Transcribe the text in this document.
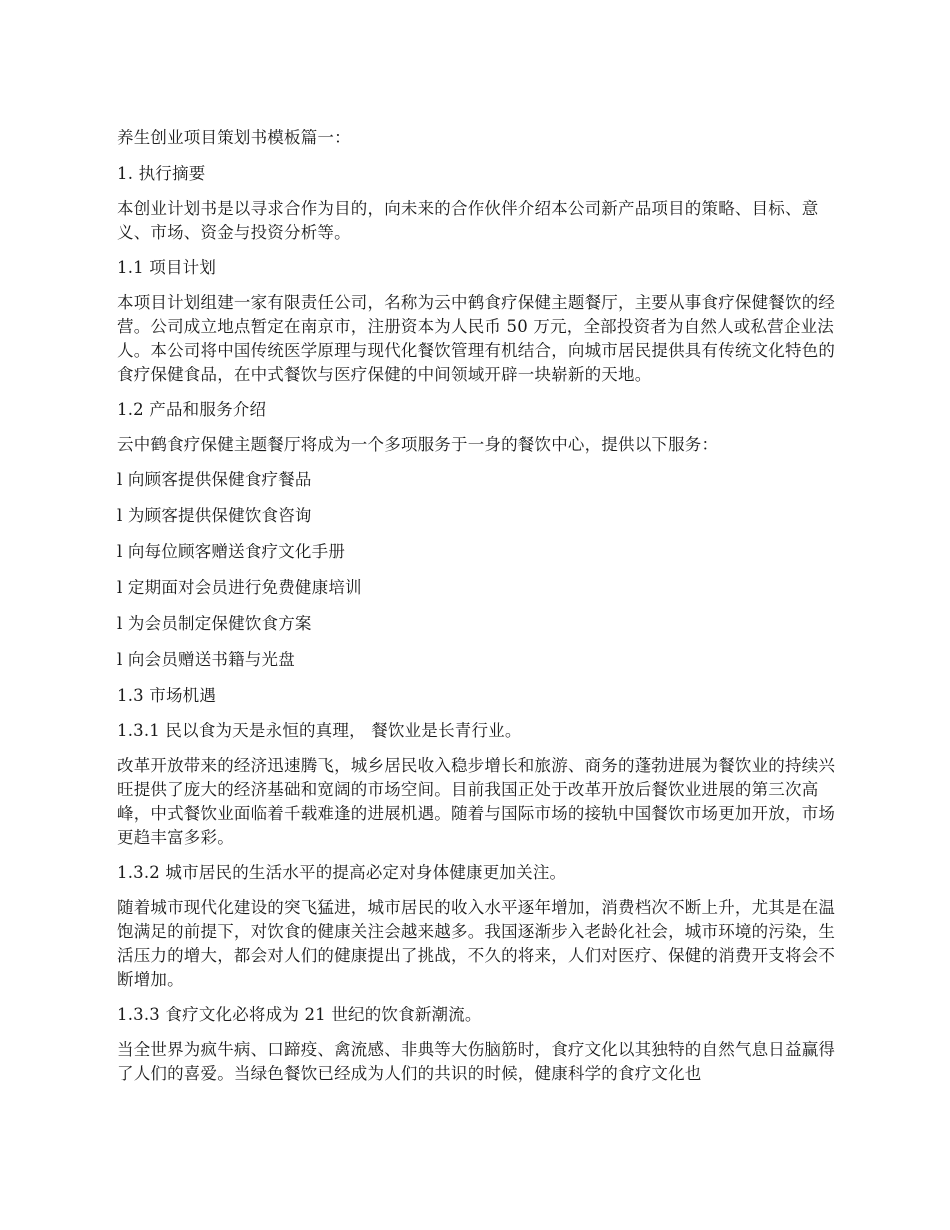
养生创业项目策划书模板篇一：

1. 执行摘要

本创业计划书是以寻求合作为目的，向未来的合作伙伴介绍本公司新产品项目的策略、目标、意义、市场、资金与投资分析等。

1.1 项目计划

本项目计划组建一家有限责任公司，名称为云中鹤食疗保健主题餐厅，主要从事食疗保健餐饮的经营。公司成立地点暂定在南京市，注册资本为人民币 50 万元，全部投资者为自然人或私营企业法人。本公司将中国传统医学原理与现代化餐饮管理有机结合，向城市居民提供具有传统文化特色的食疗保健食品，在中式餐饮与医疗保健的中间领域开辟一块崭新的天地。

1.2 产品和服务介绍

云中鹤食疗保健主题餐厅将成为一个多项服务于一身的餐饮中心，提供以下服务：

l 向顾客提供保健食疗餐品

l 为顾客提供保健饮食咨询

l 向每位顾客赠送食疗文化手册

l 定期面对会员进行免费健康培训

l 为会员制定保健饮食方案

l 向会员赠送书籍与光盘

1.3 市场机遇

1.3.1 民以食为天是永恒的真理， 餐饮业是长青行业。

改革开放带来的经济迅速腾飞，城乡居民收入稳步增长和旅游、商务的蓬勃进展为餐饮业的持续兴旺提供了庞大的经济基础和宽阔的市场空间。目前我国正处于改革开放后餐饮业进展的第三次高峰，中式餐饮业面临着千载难逢的进展机遇。随着与国际市场的接轨中国餐饮市场更加开放，市场更趋丰富多彩。

1.3.2 城市居民的生活水平的提高必定对身体健康更加关注。

随着城市现代化建设的突飞猛进，城市居民的收入水平逐年增加，消费档次不断上升，尤其是在温饱满足的前提下，对饮食的健康关注会越来越多。我国逐渐步入老龄化社会，城市环境的污染，生活压力的增大，都会对人们的健康提出了挑战，不久的将来，人们对医疗、保健的消费开支将会不断增加。

1.3.3 食疗文化必将成为 21 世纪的饮食新潮流。

当全世界为疯牛病、口蹄疫、禽流感、非典等大伤脑筋时，食疗文化以其独特的自然气息日益赢得了人们的喜爱。当绿色餐饮已经成为人们的共识的时候，健康科学的食疗文化也
